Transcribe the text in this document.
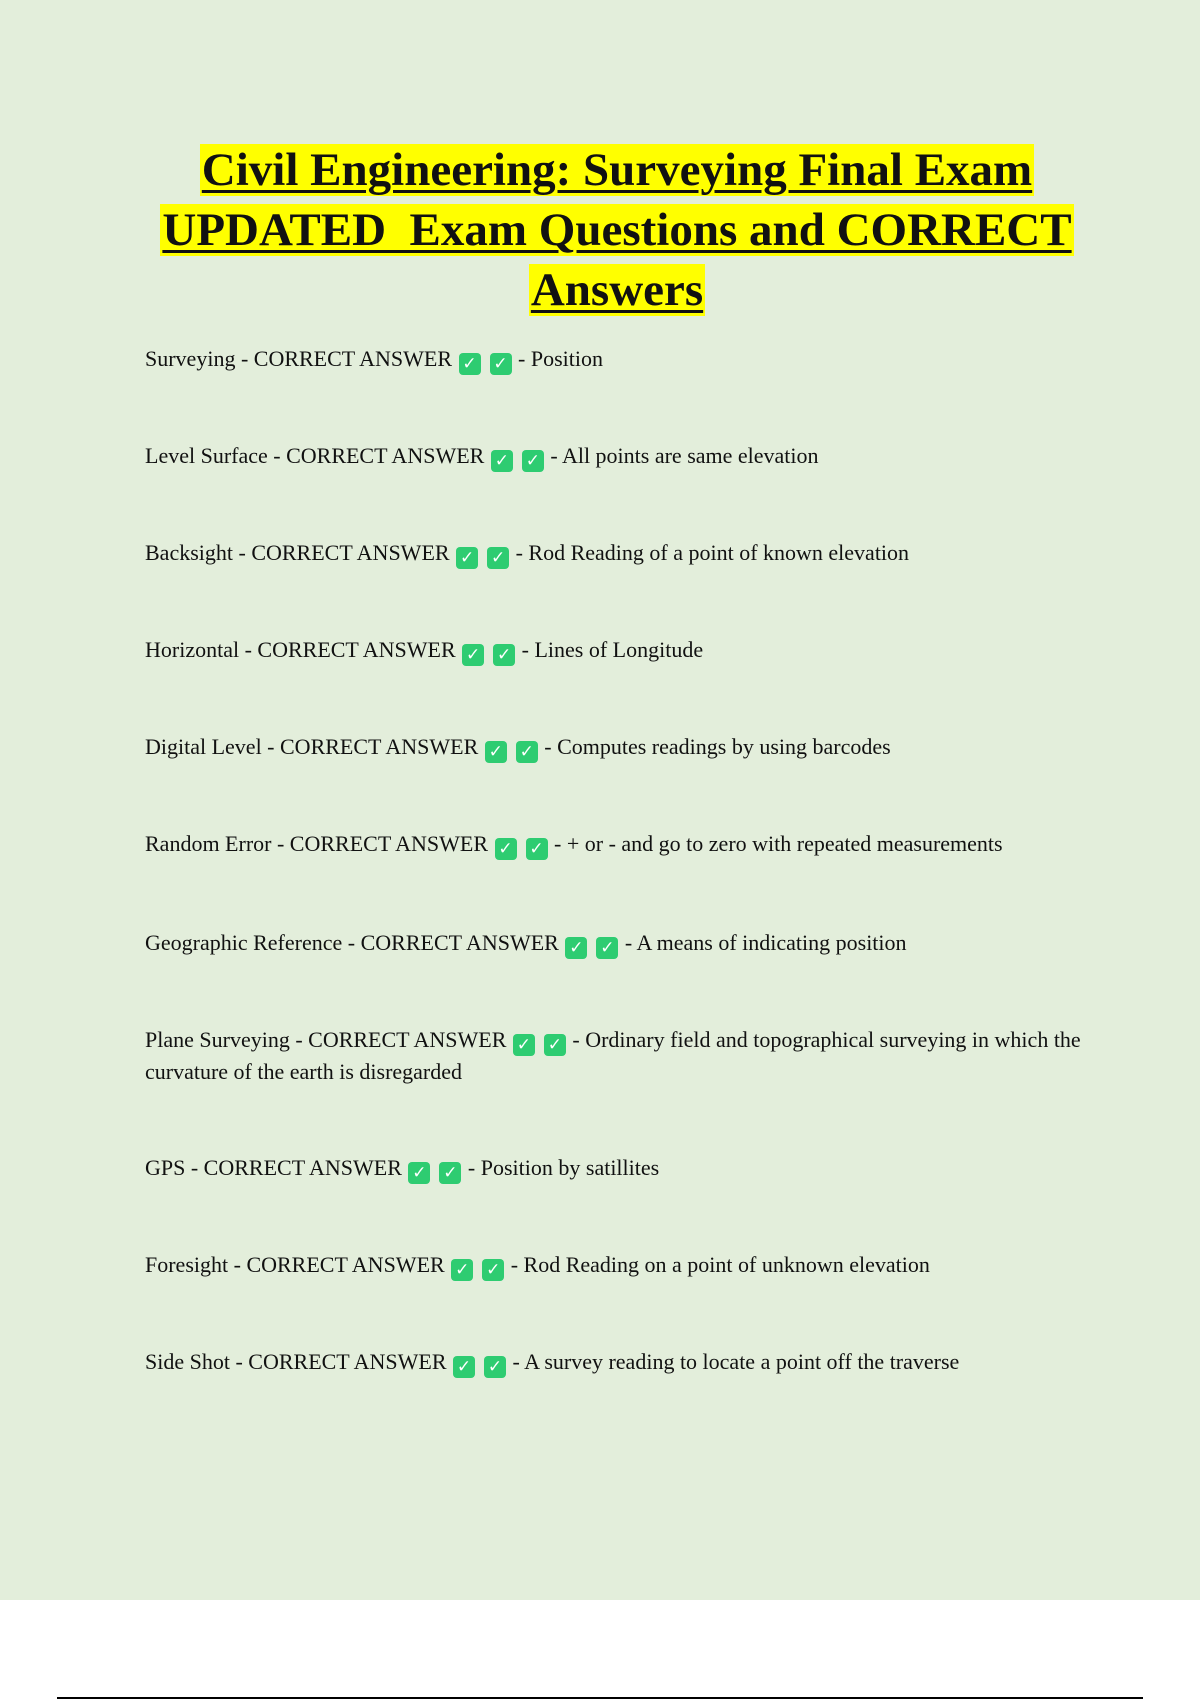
Civil Engineering: Surveying Final Exam
UPDATED  Exam Questions and CORRECT
Answers

Surveying - CORRECT ANSWER ✓ ✓ - Position

Level Surface - CORRECT ANSWER ✓ ✓ - All points are same elevation

Backsight - CORRECT ANSWER ✓ ✓ - Rod Reading of a point of known elevation

Horizontal - CORRECT ANSWER ✓ ✓ - Lines of Longitude

Digital Level - CORRECT ANSWER ✓ ✓ - Computes readings by using barcodes

Random Error - CORRECT ANSWER ✓ ✓ - + or - and go to zero with repeated measurements

Geographic Reference - CORRECT ANSWER ✓ ✓ - A means of indicating position

Plane Surveying - CORRECT ANSWER ✓ ✓ - Ordinary field and topographical surveying in which the curvature of the earth is disregarded

GPS - CORRECT ANSWER ✓ ✓ - Position by satillites

Foresight - CORRECT ANSWER ✓ ✓ - Rod Reading on a point of unknown elevation

Side Shot - CORRECT ANSWER ✓ ✓ - A survey reading to locate a point off the traverse
